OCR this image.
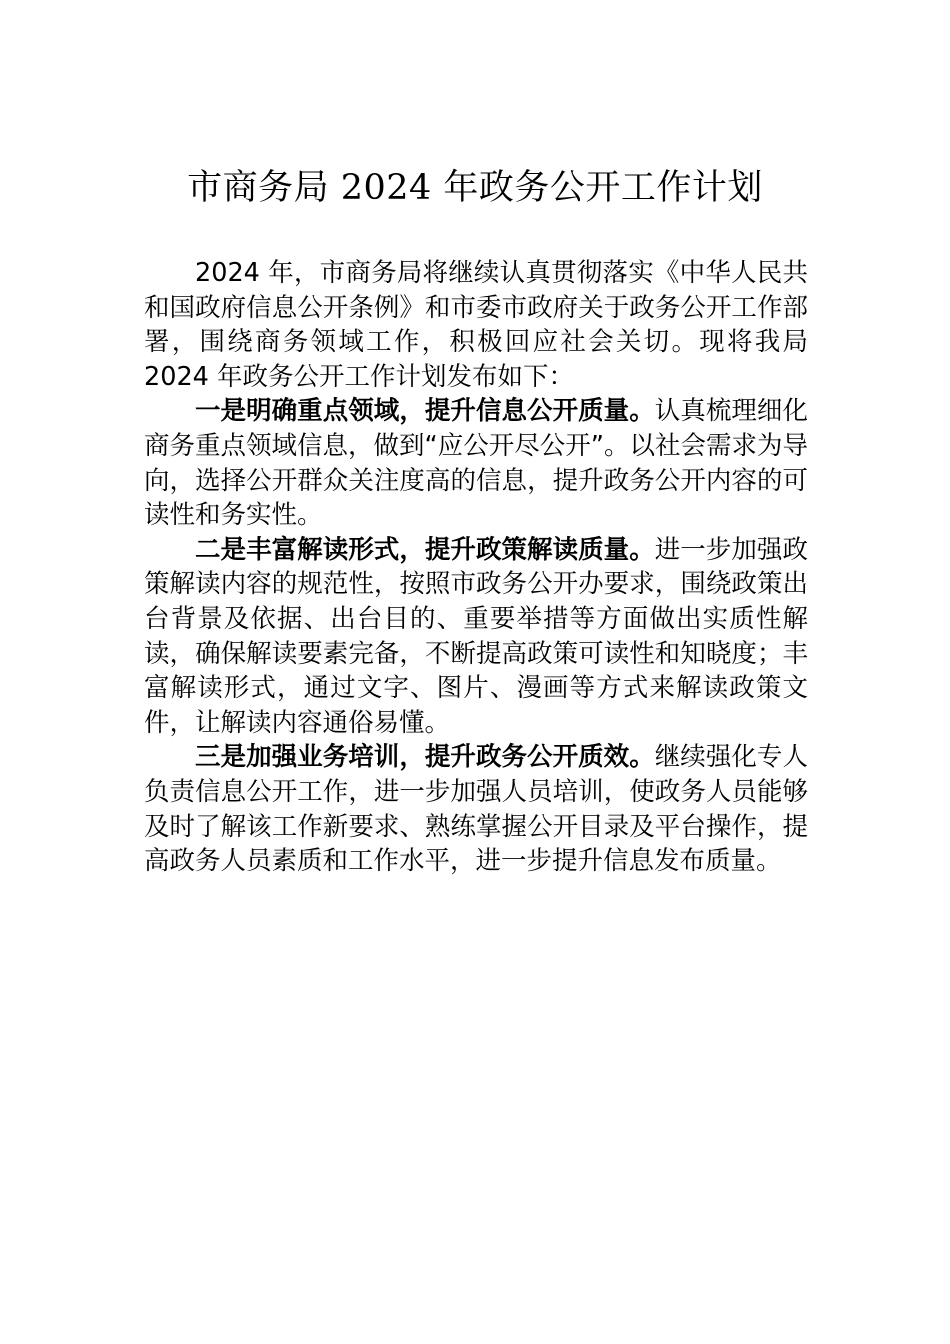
市商务局 2024 年政务公开工作计划

2024 年，市商务局将继续认真贯彻落实《中华人民共和国政府信息公开条例》和市委市政府关于政务公开工作部署，围绕商务领域工作，积极回应社会关切。现将我局 2024 年政务公开工作计划发布如下：

一是明确重点领域，提升信息公开质量。认真梳理细化商务重点领域信息，做到“应公开尽公开”。以社会需求为导向，选择公开群众关注度高的信息，提升政务公开内容的可读性和务实性。

二是丰富解读形式，提升政策解读质量。进一步加强政策解读内容的规范性，按照市政务公开办要求，围绕政策出台背景及依据、出台目的、重要举措等方面做出实质性解读，确保解读要素完备，不断提高政策可读性和知晓度；丰富解读形式，通过文字、图片、漫画等方式来解读政策文件，让解读内容通俗易懂。

三是加强业务培训，提升政务公开质效。继续强化专人负责信息公开工作，进一步加强人员培训，使政务人员能够及时了解该工作新要求、熟练掌握公开目录及平台操作，提高政务人员素质和工作水平，进一步提升信息发布质量。
